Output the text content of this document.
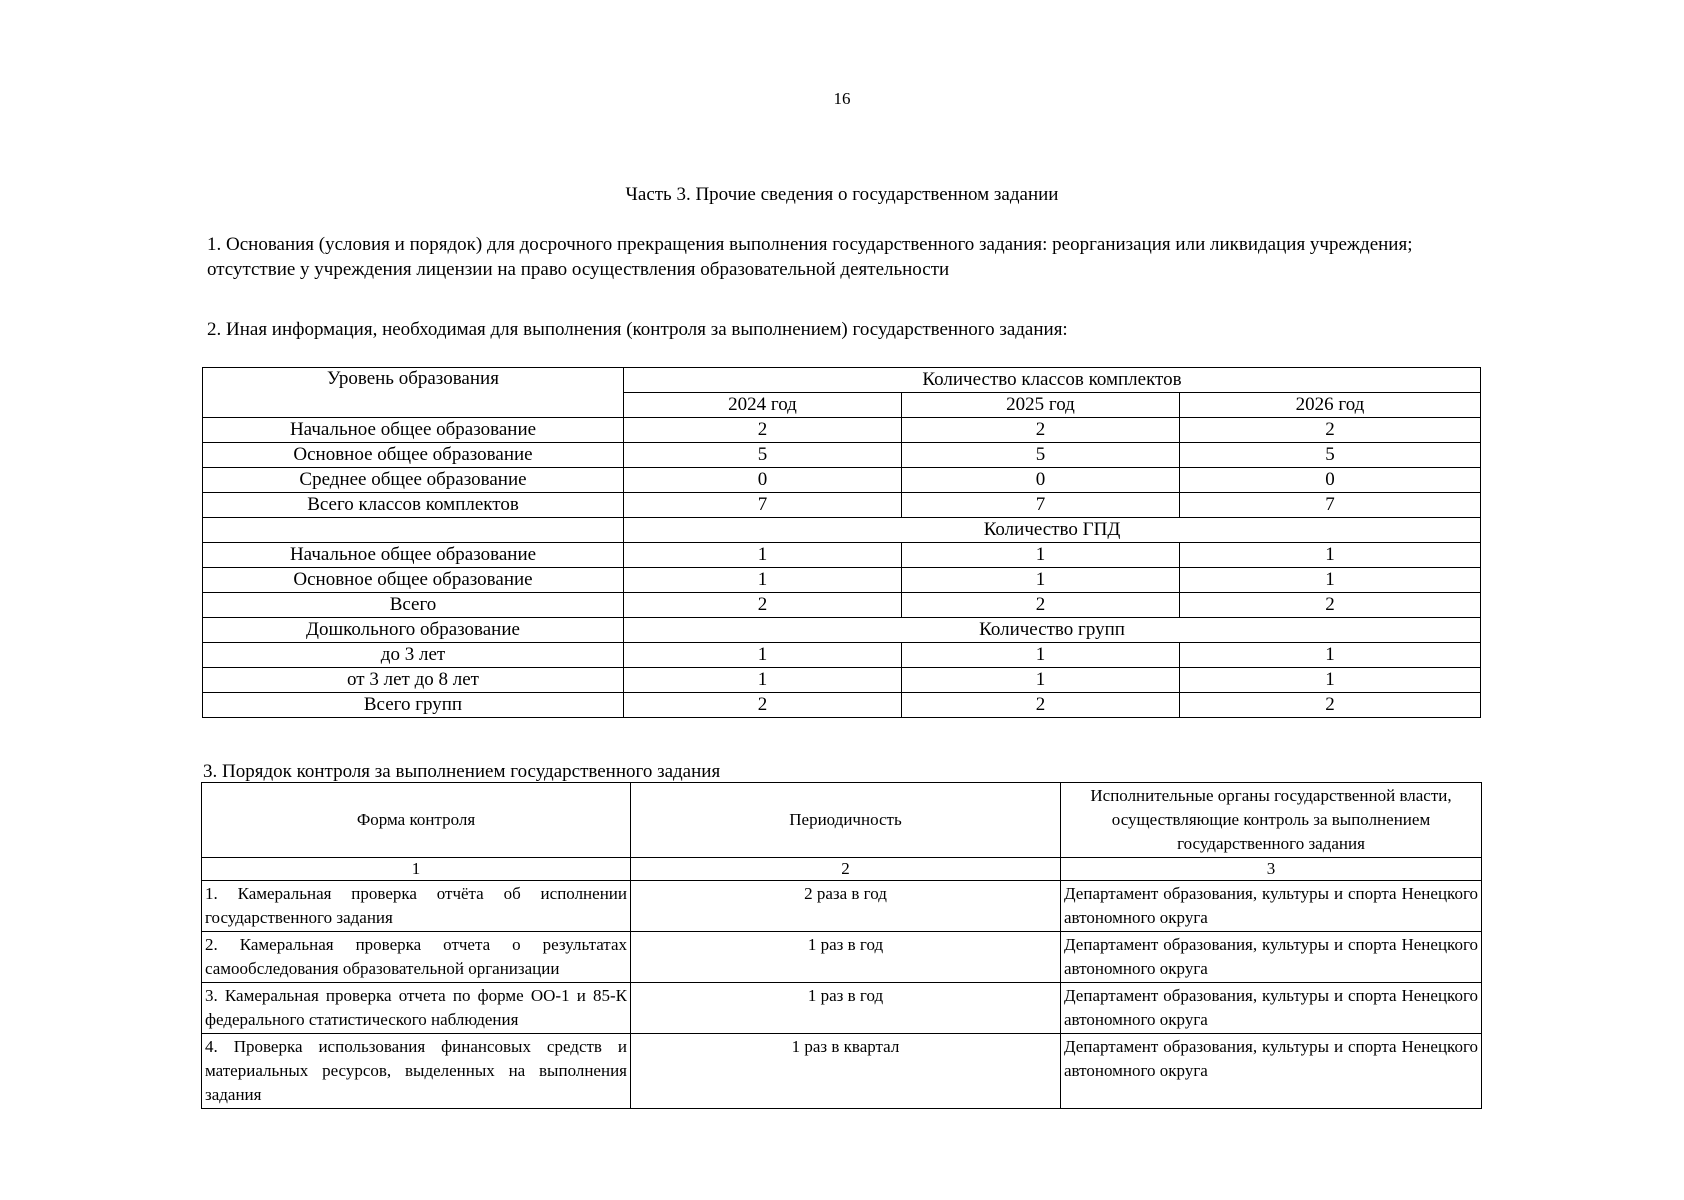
16
Часть 3. Прочие сведения о государственном задании
1. Основания (условия и порядок) для досрочного прекращения выполнения государственного задания: реорганизация или ликвидация учреждения; отсутствие у учреждения лицензии на право осуществления образовательной деятельности
2. Иная информация, необходимая для выполнения (контроля за выполнением) государственного задания:
Уровень образования	Количество классов комплектов		
	2024 год	2025 год	2026 год
Начальное общее образование	2	2	2
Основное общее образование	5	5	5
Среднее общее образование	0	0	0
Всего классов комплектов	7	7	7
	Количество ГПД		
Начальное общее образование	1	1	1
Основное общее образование	1	1	1
Всего	2	2	2
Дошкольного образование	Количество групп		
до 3 лет	1	1	1
от 3 лет до 8 лет	1	1	1
Всего групп	2	2	2
3. Порядок контроля за выполнением государственного задания
Форма контроля	Периодичность	Исполнительные органы государственной власти, осуществляющие контроль за выполнением государственного задания
1	2	3
1. Камеральная проверка отчёта об исполнении государственного задания	2 раза в год	Департамент образования, культуры и спорта Ненецкого автономного округа
2. Камеральная проверка отчета о результатах самообследования образовательной организации	1 раз в год	Департамент образования, культуры и спорта Ненецкого автономного округа
3. Камеральная проверка отчета по форме ОО-1 и 85-К федерального статистического наблюдения	1 раз в год	Департамент образования, культуры и спорта Ненецкого автономного округа
4. Проверка использования финансовых средств и материальных ресурсов, выделенных на выполнения задания	1 раз в квартал	Департамент образования, культуры и спорта Ненецкого автономного округа
